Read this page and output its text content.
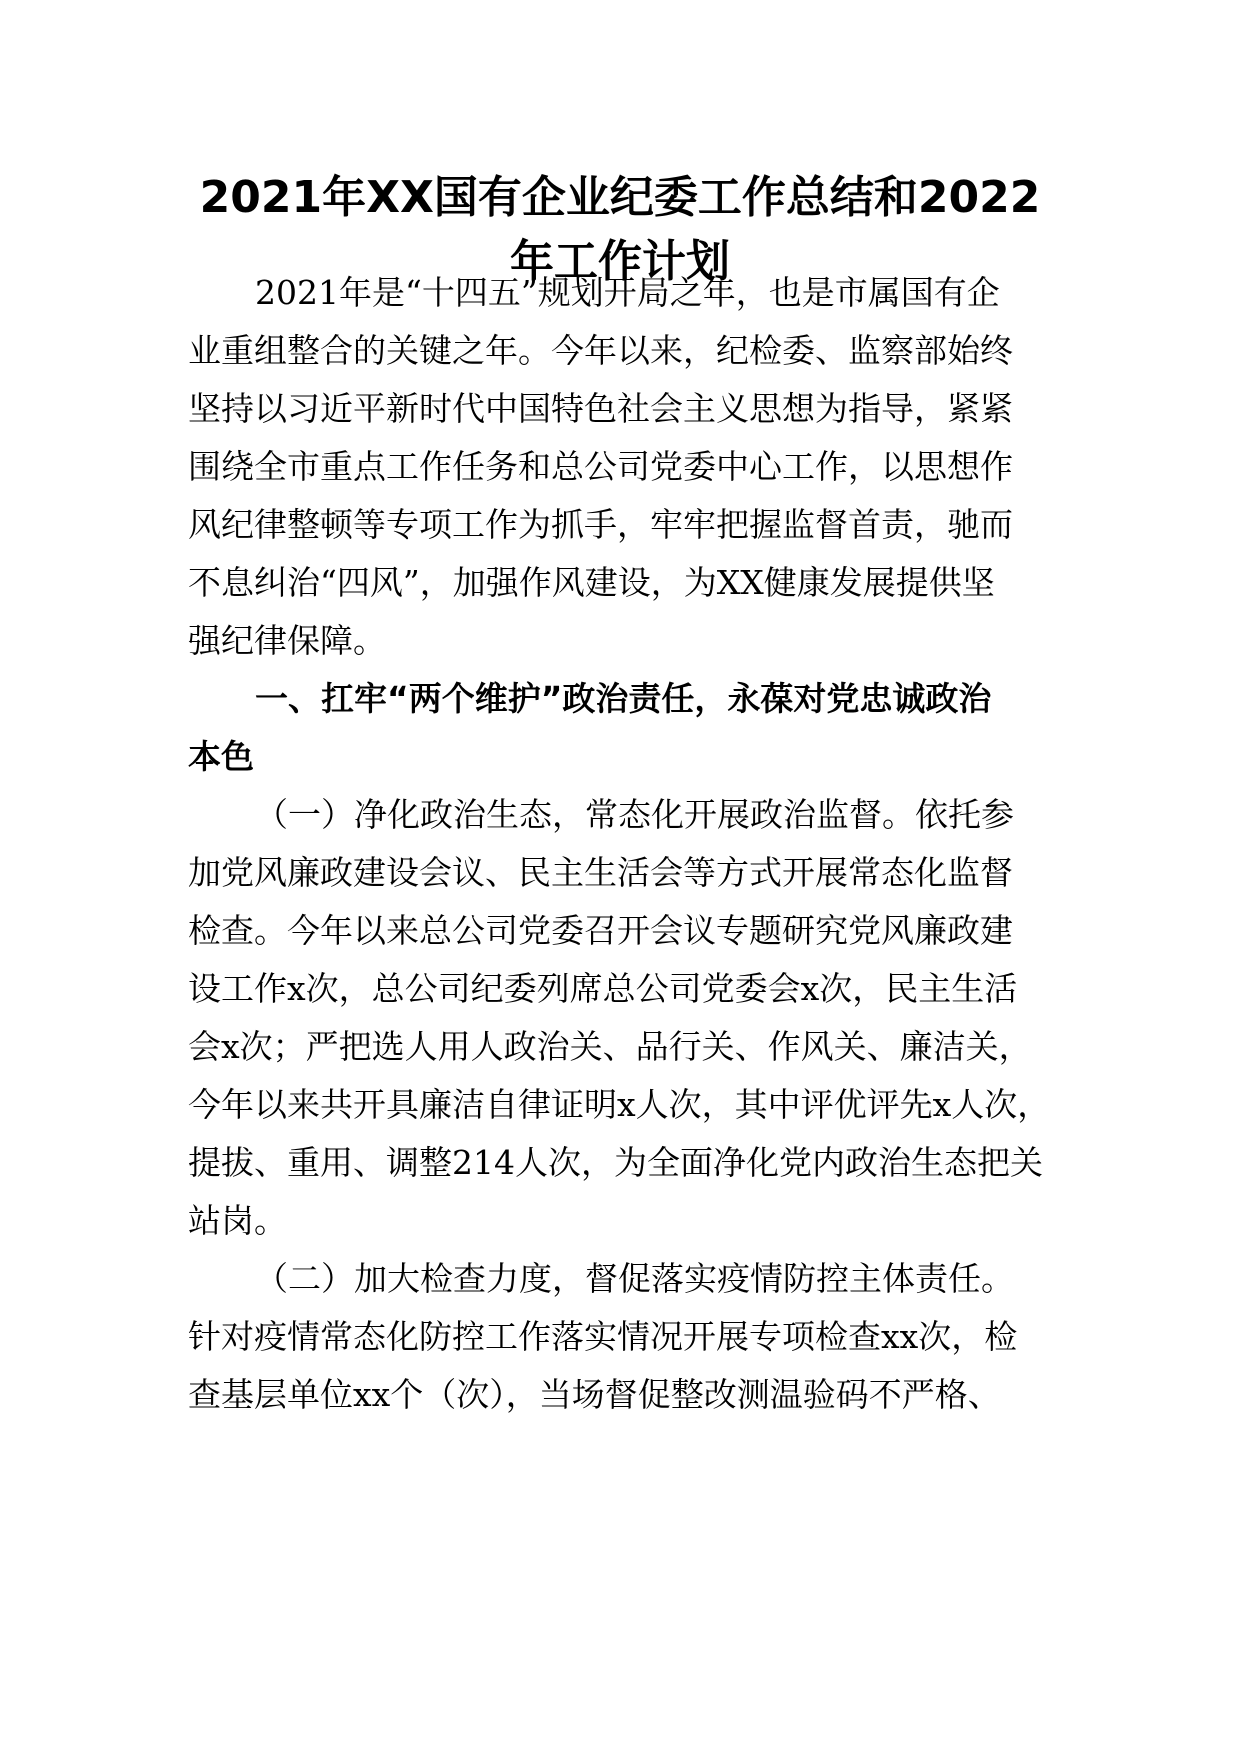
2021年XX国有企业纪委工作总结和2022
年工作计划
2021年是“十四五”规划开局之年，也是市属国有企
业重组整合的关键之年。今年以来，纪检委、监察部始终
坚持以习近平新时代中国特色社会主义思想为指导，紧紧
围绕全市重点工作任务和总公司党委中心工作，以思想作
风纪律整顿等专项工作为抓手，牢牢把握监督首责，驰而
不息纠治“四风”，加强作风建设，为XX健康发展提供坚
强纪律保障。
一、扛牢“两个维护”政治责任，永葆对党忠诚政治
本色
（一）净化政治生态，常态化开展政治监督。依托参
加党风廉政建设会议、民主生活会等方式开展常态化监督
检查。今年以来总公司党委召开会议专题研究党风廉政建
设工作x次，总公司纪委列席总公司党委会x次，民主生活
会x次；严把选人用人政治关、品行关、作风关、廉洁关，
今年以来共开具廉洁自律证明x人次，其中评优评先x人次，
提拔、重用、调整214人次，为全面净化党内政治生态把关
站岗。
（二）加大检查力度，督促落实疫情防控主体责任。
针对疫情常态化防控工作落实情况开展专项检查xx次，检
查基层单位xx个（次），当场督促整改测温验码不严格、
